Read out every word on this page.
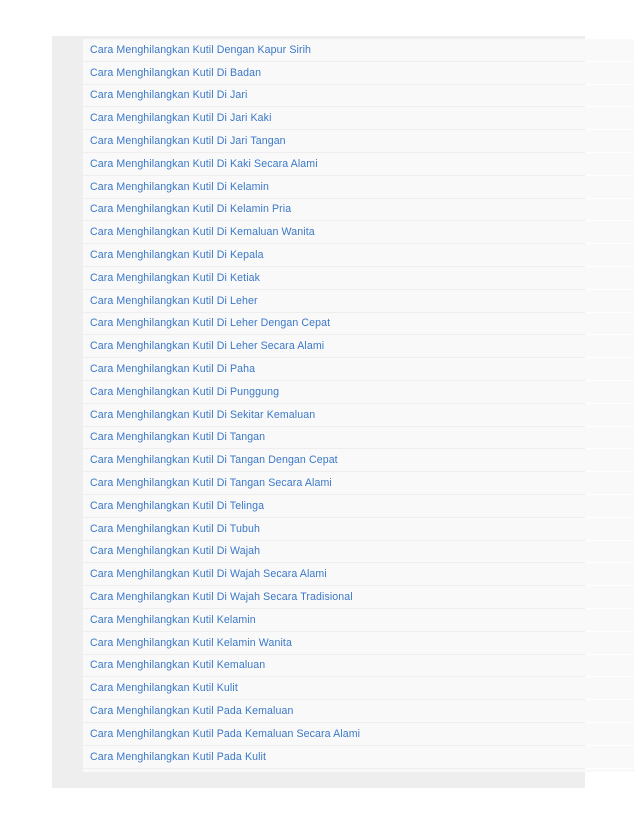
Cara Menghilangkan Kutil Dengan Kapur Sirih
Cara Menghilangkan Kutil Di Badan
Cara Menghilangkan Kutil Di Jari
Cara Menghilangkan Kutil Di Jari Kaki
Cara Menghilangkan Kutil Di Jari Tangan
Cara Menghilangkan Kutil Di Kaki Secara Alami
Cara Menghilangkan Kutil Di Kelamin
Cara Menghilangkan Kutil Di Kelamin Pria
Cara Menghilangkan Kutil Di Kemaluan Wanita
Cara Menghilangkan Kutil Di Kepala
Cara Menghilangkan Kutil Di Ketiak
Cara Menghilangkan Kutil Di Leher
Cara Menghilangkan Kutil Di Leher Dengan Cepat
Cara Menghilangkan Kutil Di Leher Secara Alami
Cara Menghilangkan Kutil Di Paha
Cara Menghilangkan Kutil Di Punggung
Cara Menghilangkan Kutil Di Sekitar Kemaluan
Cara Menghilangkan Kutil Di Tangan
Cara Menghilangkan Kutil Di Tangan Dengan Cepat
Cara Menghilangkan Kutil Di Tangan Secara Alami
Cara Menghilangkan Kutil Di Telinga
Cara Menghilangkan Kutil Di Tubuh
Cara Menghilangkan Kutil Di Wajah
Cara Menghilangkan Kutil Di Wajah Secara Alami
Cara Menghilangkan Kutil Di Wajah Secara Tradisional
Cara Menghilangkan Kutil Kelamin
Cara Menghilangkan Kutil Kelamin Wanita
Cara Menghilangkan Kutil Kemaluan
Cara Menghilangkan Kutil Kulit
Cara Menghilangkan Kutil Pada Kemaluan
Cara Menghilangkan Kutil Pada Kemaluan Secara Alami
Cara Menghilangkan Kutil Pada Kulit
